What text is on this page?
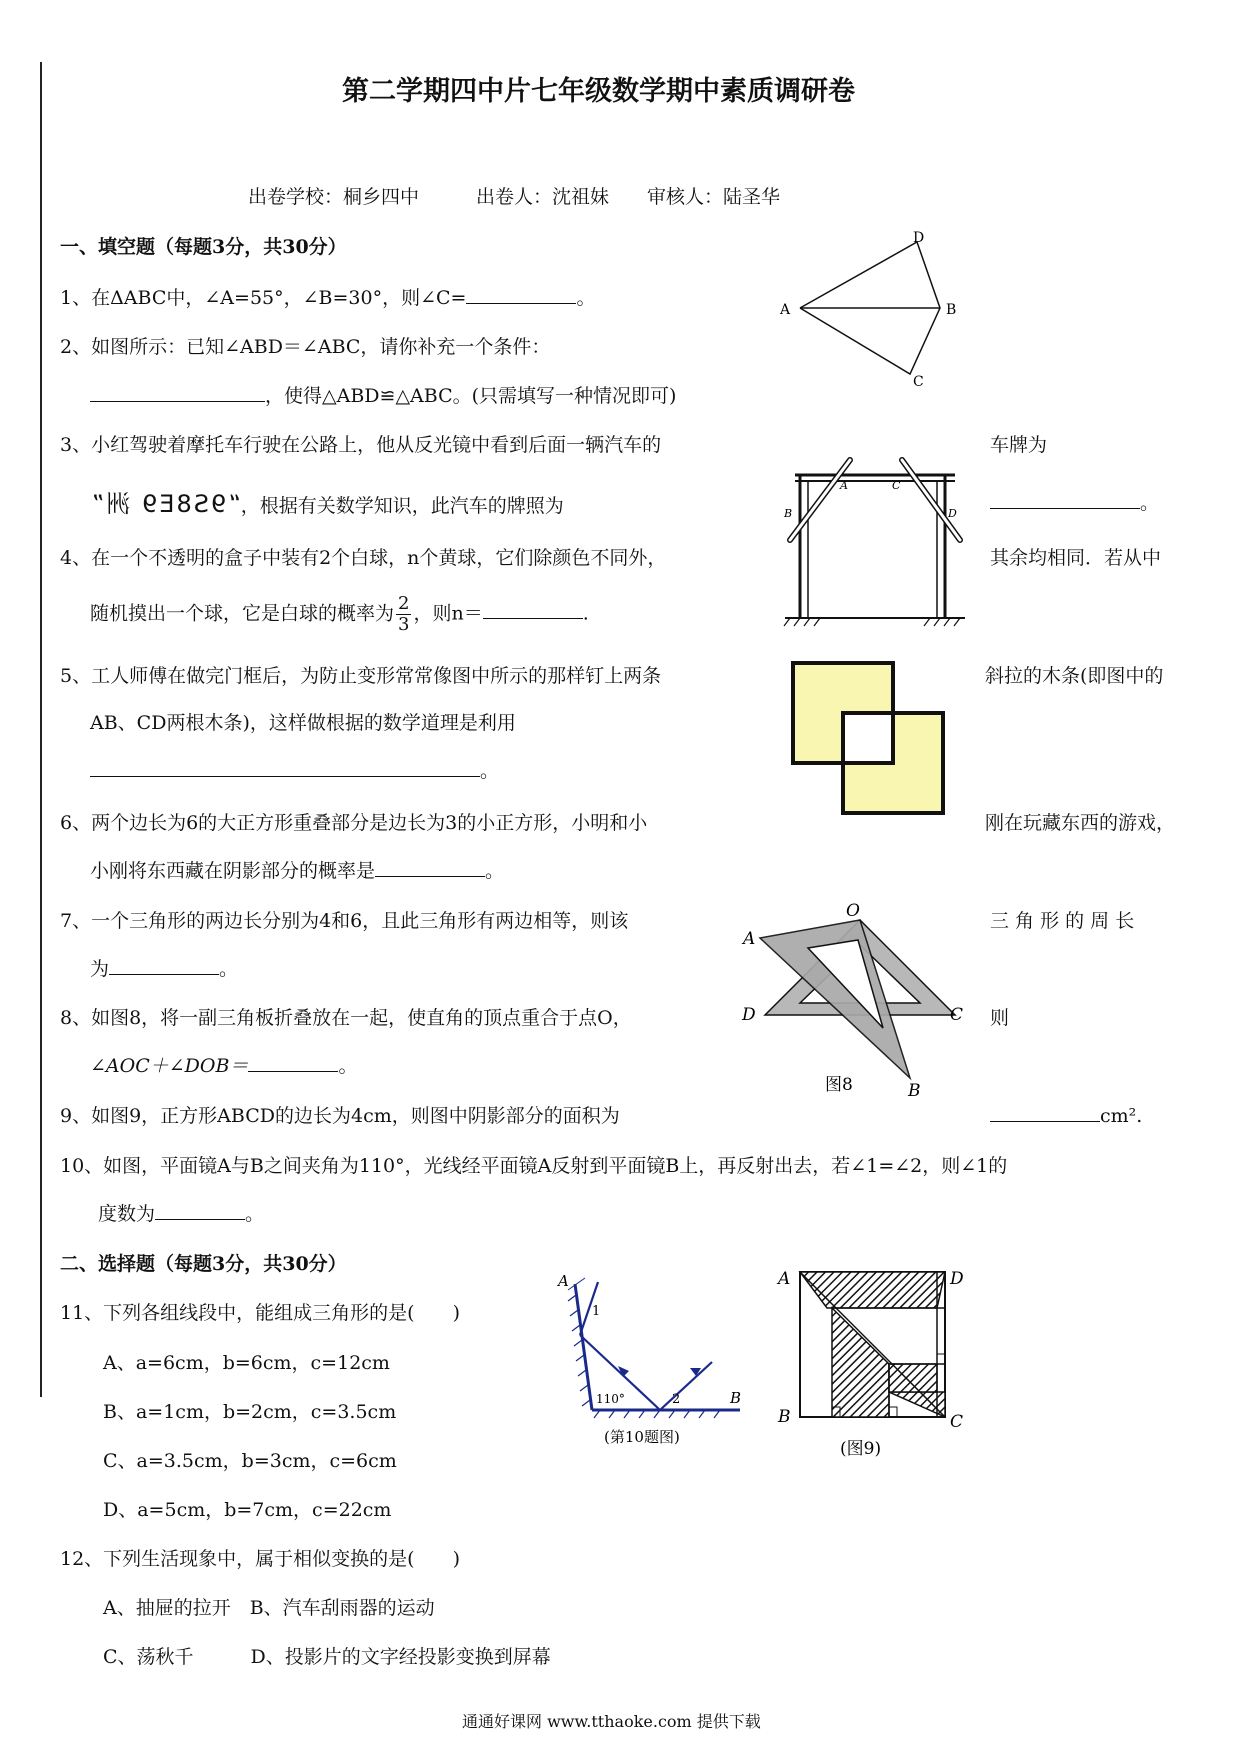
第二学期四中片七年级数学期中素质调研卷
出卷学校：桐乡四中　　　出卷人：沈祖妹　　审核人：陆圣华
一、填空题（每题3分，共30分）
1、在ΔABC中，∠A=55°，∠B=30°，则∠C=	。
2、如图所示：已知∠ABD＝∠ABC，请你补充一个条件：
，使得△ABD≌△ABC。(只需填写一种情况即可)
3、小红驾驶着摩托车行驶在公路上，他从反光镜中看到后面一辆汽车的	车牌为
“9S8E9 洲”，根据有关数学知识，此汽车的牌照为	。
4、在一个不透明的盒子中装有2个白球，n个黄球，它们除颜色不同外，	其余均相同．若从中
随机摸出一个球，它是白球的概率为 $\frac{2}{3}$ ，则n＝	.
5、工人师傅在做完门框后，为防止变形常常像图中所示的那样钉上两条	斜拉的木条(即图中的
AB、CD两根木条)，这样做根据的数学道理是利用
。
6、两个边长为6的大正方形重叠部分是边长为3的小正方形，小明和小	刚在玩藏东西的游戏，
小刚将东西藏在阴影部分的概率是	。
7、一个三角形的两边长分别为4和6，且此三角形有两边相等，则该	三 角 形 的 周 长
为	。
8、如图8，将一副三角板折叠放在一起，使直角的顶点重合于点O，	则
∠AOC＋∠DOB＝	。
9、如图9，正方形ABCD的边长为4cm，则图中阴影部分的面积为	cm².
10、如图，平面镜A与B之间夹角为110°，光线经平面镜A反射到平面镜B上，再反射出去，若∠1=∠2，则∠1的
度数为	。
二、选择题（每题3分，共30分）
11、下列各组线段中，能组成三角形的是(　　)
A、a=6cm，b=6cm，c=12cm
B、a=1cm，b=2cm，c=3.5cm
C、a=3.5cm，b=3cm，c=6cm
D、a=5cm，b=7cm，c=22cm
12、下列生活现象中，属于相似变换的是(　　)
A、抽屉的拉开　B、汽车刮雨器的运动
C、荡秋千　　　D、投影片的文字经投影变换到屏幕
通通好课网 www.tthaoke.com 提供下载
A	B
C
D
A
B
C
D
O
A
D	C
B
图8
A
1
110°	2	B
(第10题图)
A	D
B	C
(图9)
